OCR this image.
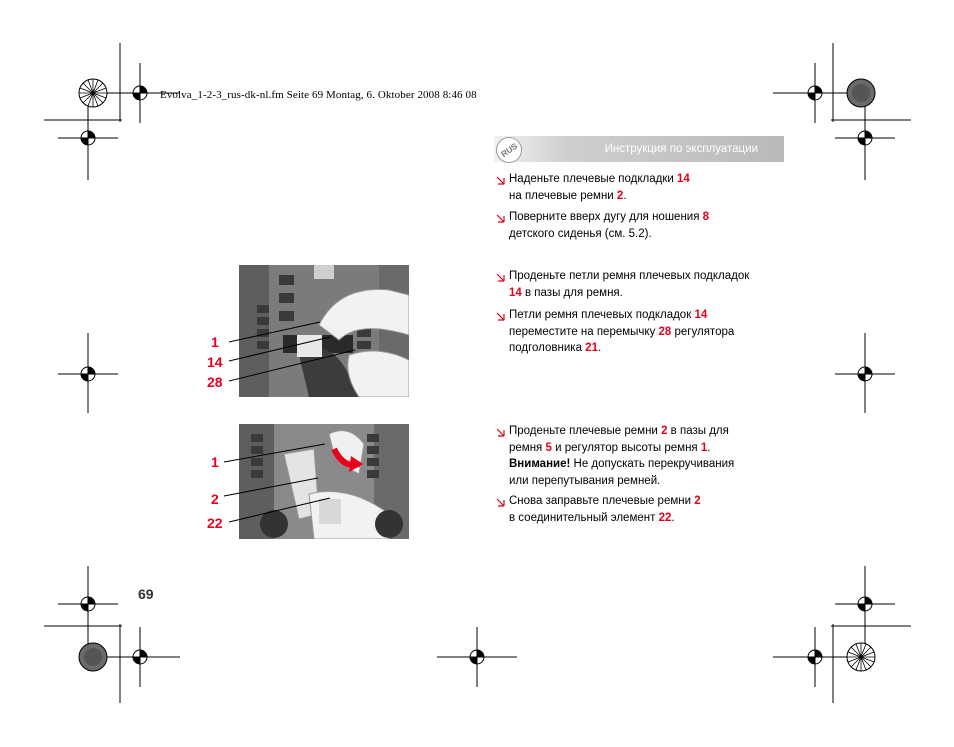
Evolva_1-2-3_rus-dk-nl.fm Seite 69 Montag, 6. Oktober 2008 8:46 08
RUS	Инструкция по эксплуатации
1
14
28
1
2
22
Наденьте плечевые подкладки 14
на плечевые ремни 2.
Поверните вверх дугу для ношения 8
детского сиденья (см. 5.2).
Проденьте петли ремня плечевых подкладок
14 в пазы для ремня.
Петли ремня плечевых подкладок 14
переместите на перемычку 28 регулятора
подголовника 21.
Проденьте плечевые ремни 2 в пазы для
ремня 5 и регулятор высоты ремня 1.
Внимание! Не допускать перекручивания
или перепутывания ремней.
Снова заправьте плечевые ремни 2
в соединительный элемент 22.
69
